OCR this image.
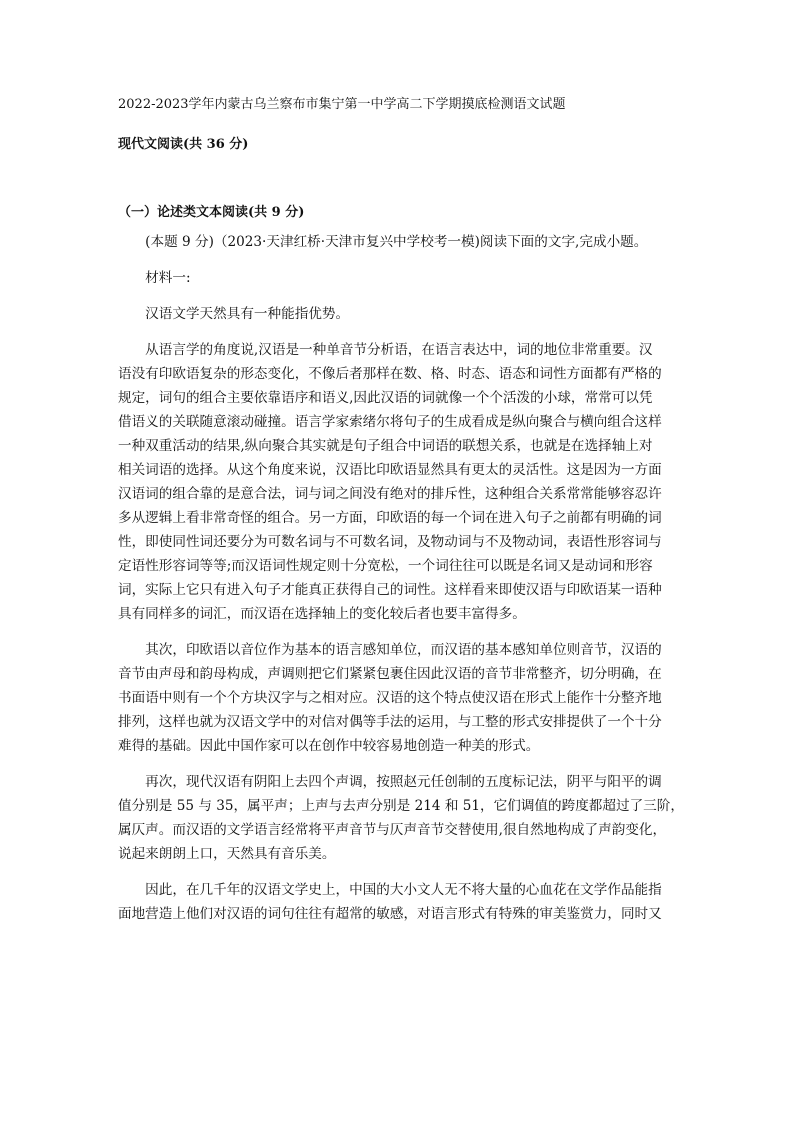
2022-2023学年内蒙古乌兰察布市集宁第一中学高二下学期摸底检测语文试题
现代文阅读(共 36 分)
（一）论述类文本阅读(共 9 分)
　　(本题 9 分)（2023·天津红桥·天津市复兴中学校考一模)阅读下面的文字,完成小题。
　　材料一:
　　汉语文学天然具有一种能指优势。
　　从语言学的角度说,汉语是一种单音节分析语，在语言表达中，词的地位非常重要。汉
语没有印欧语复杂的形态变化，不像后者那样在数、格、时态、语态和词性方面都有严格的
规定，词句的组合主要依靠语序和语义,因此汉语的词就像一个个活泼的小球，常常可以凭
借语义的关联随意滚动碰撞。语言学家索绪尔将句子的生成看成是纵向聚合与横向组合这样
一种双重活动的结果,纵向聚合其实就是句子组合中词语的联想关系，也就是在选择轴上对
相关词语的选择。从这个角度来说，汉语比印欧语显然具有更太的灵活性。这是因为一方面
汉语词的组合靠的是意合法，词与词之间没有绝对的排斥性，这种组合关系常常能够容忍许
多从逻辑上看非常奇怪的组合。另一方面，印欧语的每一个词在进入句子之前都有明确的词
性，即使同性词还要分为可数名词与不可数名词，及物动词与不及物动词，表语性形容词与
定语性形容词等等;而汉语词性规定则十分宽松，一个词往往可以既是名词又是动词和形容
词，实际上它只有进入句子才能真正获得自己的词性。这样看来即使汉语与印欧语某一语种
具有同样多的词汇，而汉语在选择轴上的变化较后者也要丰富得多。
　　其次，印欧语以音位作为基本的语言感知单位，而汉语的基本感知单位则音节，汉语的
音节由声母和韵母构成，声调则把它们紧紧包裹住因此汉语的音节非常整齐，切分明确，在
书面语中则有一个个方块汉字与之相对应。汉语的这个特点使汉语在形式上能作十分整齐地
排列，这样也就为汉语文学中的对信对偶等手法的运用，与工整的形式安排提供了一个十分
难得的基础。因此中国作家可以在创作中较容易地创造一种美的形式。
　　再次，现代汉语有阴阳上去四个声调，按照赵元任创制的五度标记法，阴平与阳平的调
值分别是 55 与 35，属平声；上声与去声分别是 214 和 51，它们调值的跨度都超过了三阶，
属仄声。而汉语的文学语言经常将平声音节与仄声音节交替使用,很自然地构成了声韵变化，
说起来朗朗上口，天然具有音乐美。
　　因此，在几千年的汉语文学史上，中国的大小文人无不将大量的心血花在文学作品能指
面地营造上他们对汉语的词句往往有超常的敏感，对语言形式有特殊的审美鉴赏力，同时又
